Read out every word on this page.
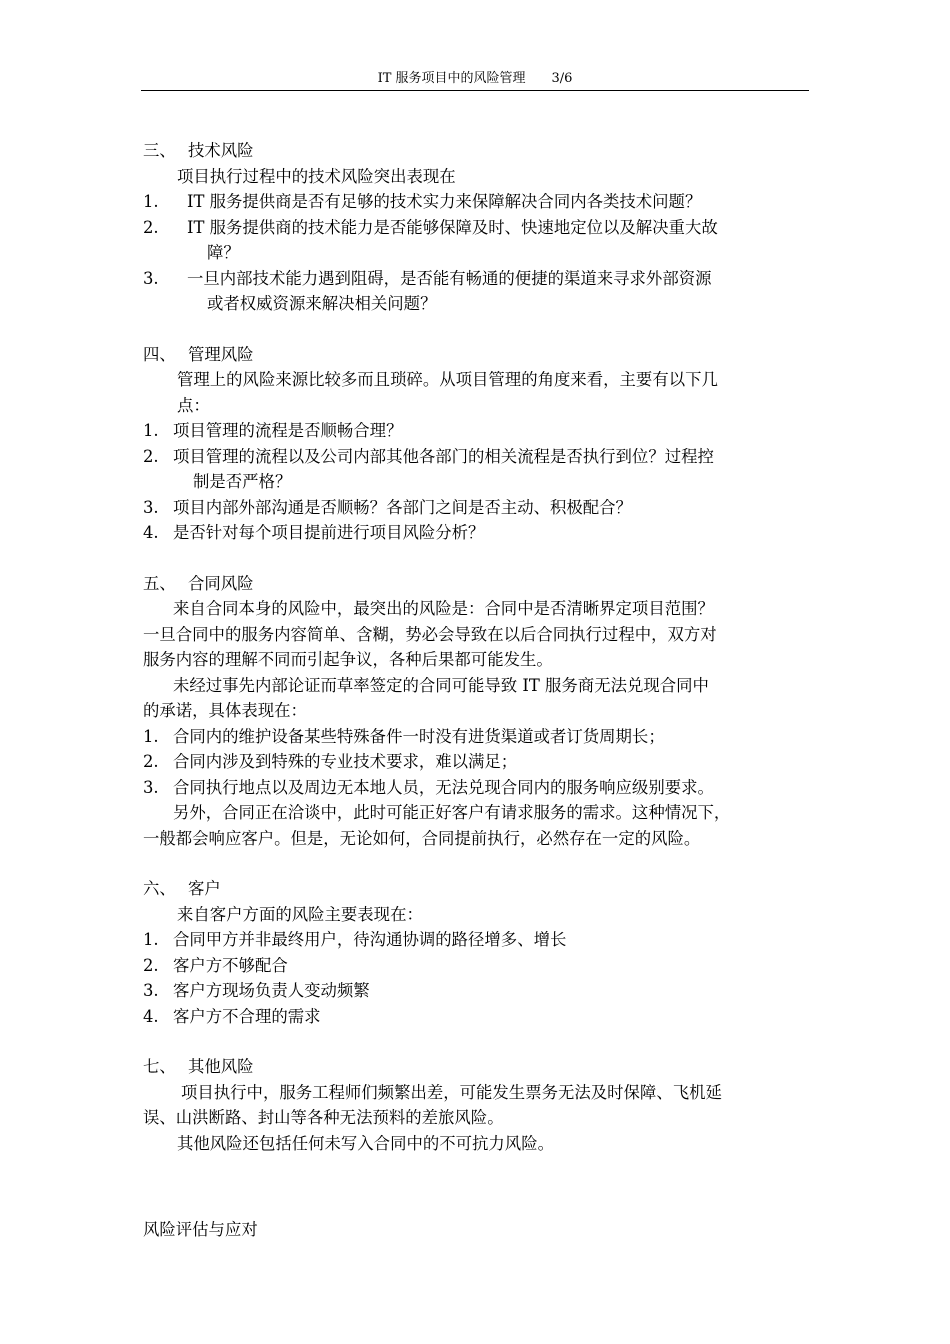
IT 服务项目中的风险管理 3/6
三、 技术风险
项目执行过程中的技术风险突出表现在
1. IT 服务提供商是否有足够的技术实力来保障解决合同内各类技术问题？
2. IT 服务提供商的技术能力是否能够保障及时、快速地定位以及解决重大故
障？
3. 一旦内部技术能力遇到阻碍，是否能有畅通的便捷的渠道来寻求外部资源
或者权威资源来解决相关问题？
四、 管理风险
管理上的风险来源比较多而且琐碎。从项目管理的角度来看，主要有以下几
点：
1. 项目管理的流程是否顺畅合理？
2. 项目管理的流程以及公司内部其他各部门的相关流程是否执行到位？过程控
制是否严格？
3. 项目内部外部沟通是否顺畅？各部门之间是否主动、积极配合？
4. 是否针对每个项目提前进行项目风险分析？
五、 合同风险
来自合同本身的风险中，最突出的风险是：合同中是否清晰界定项目范围？
一旦合同中的服务内容简单、含糊，势必会导致在以后合同执行过程中，双方对
服务内容的理解不同而引起争议，各种后果都可能发生。
未经过事先内部论证而草率签定的合同可能导致 IT 服务商无法兑现合同中
的承诺，具体表现在：
1. 合同内的维护设备某些特殊备件一时没有进货渠道或者订货周期长；
2. 合同内涉及到特殊的专业技术要求，难以满足；
3. 合同执行地点以及周边无本地人员，无法兑现合同内的服务响应级别要求。
另外，合同正在洽谈中，此时可能正好客户有请求服务的需求。这种情况下，
一般都会响应客户。但是，无论如何，合同提前执行，必然存在一定的风险。
六、 客户
来自客户方面的风险主要表现在：
1. 合同甲方并非最终用户，待沟通协调的路径增多、增长
2. 客户方不够配合
3. 客户方现场负责人变动频繁
4. 客户方不合理的需求
七、 其他风险
项目执行中，服务工程师们频繁出差，可能发生票务无法及时保障、飞机延
误、山洪断路、封山等各种无法预料的差旅风险。
其他风险还包括任何未写入合同中的不可抗力风险。
风险评估与应对
